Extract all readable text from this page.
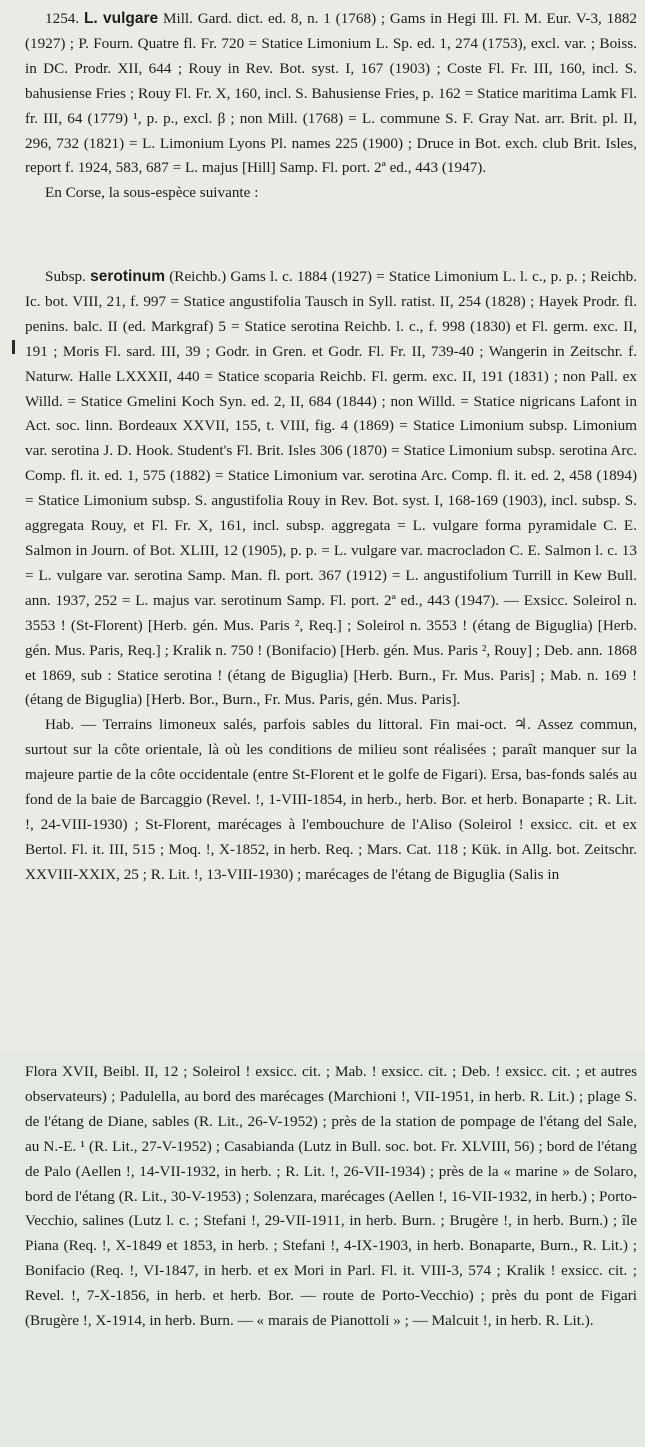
1254. L. vulgare Mill. Gard. dict. ed. 8, n. 1 (1768) ; Gams in Hegi Ill. Fl. M. Eur. V-3, 1882 (1927) ; P. Fourn. Quatre fl. Fr. 720 = Statice Limonium L. Sp. ed. 1, 274 (1753), excl. var. ; Boiss. in DC. Prodr. XII, 644 ; Rouy in Rev. Bot. syst. I, 167 (1903) ; Coste Fl. Fr. III, 160, incl. S. bahusiense Fries ; Rouy Fl. Fr. X, 160, incl. S. Bahusiense Fries, p. 162 = Statice maritima Lamk Fl. fr. III, 64 (1779) ¹, p. p., excl. β ; non Mill. (1768) = L. commune S. F. Gray Nat. arr. Brit. pl. II, 296, 732 (1821) = L. Limonium Lyons Pl. names 225 (1900) ; Druce in Bot. exch. club Brit. Isles, report f. 1924, 583, 687 = L. majus [Hill] Samp. Fl. port. 2ª ed., 443 (1947).

En Corse, la sous-espèce suivante :

Subsp. serotinum (Reichb.) Gams l. c. 1884 (1927) = Statice Limonium L. l. c., p. p. ; Reichb. Ic. bot. VIII, 21, f. 997 = Statice angustifolia Tausch in Syll. ratist. II, 254 (1828) ; Hayek Prodr. fl. penins. balc. II (ed. Markgraf) 5 = Statice serotina Reichb. l. c., f. 998 (1830) et Fl. germ. exc. II, 191 ; Moris Fl. sard. III, 39 ; Godr. in Gren. et Godr. Fl. Fr. II, 739-40 ; Wangerin in Zeitschr. f. Naturw. Halle LXXXII, 440 = Statice scoparia Reichb. Fl. germ. exc. II, 191 (1831) ; non Pall. ex Willd. = Statice Gmelini Koch Syn. ed. 2, II, 684 (1844) ; non Willd. = Statice nigricans Lafont in Act. soc. linn. Bordeaux XXVII, 155, t. VIII, fig. 4 (1869) = Statice Limonium subsp. Limonium var. serotina J. D. Hook. Student's Fl. Brit. Isles 306 (1870) = Statice Limonium subsp. serotina Arc. Comp. fl. it. ed. 1, 575 (1882) = Statice Limonium var. serotina Arc. Comp. fl. it. ed. 2, 458 (1894) = Statice Limonium subsp. S. angustifolia Rouy in Rev. Bot. syst. I, 168-169 (1903), incl. subsp. S. aggregata Rouy, et Fl. Fr. X, 161, incl. subsp. aggregata = L. vulgare forma pyramidale C. E. Salmon in Journ. of Bot. XLIII, 12 (1905), p. p. = L. vulgare var. macrocladon C. E. Salmon l. c. 13 = L. vulgare var. serotina Samp. Man. fl. port. 367 (1912) = L. angustifolium Turrill in Kew Bull. ann. 1937, 252 = L. majus var. serotinum Samp. Fl. port. 2ª ed., 443 (1947). — Exsicc. Soleirol n. 3553 ! (St-Florent) [Herb. gén. Mus. Paris ², Req.] ; Soleirol n. 3553 ! (étang de Biguglia) [Herb. gén. Mus. Paris, Req.] ; Kralik n. 750 ! (Bonifacio) [Herb. gén. Mus. Paris ², Rouy] ; Deb. ann. 1868 et 1869, sub : Statice serotina ! (étang de Biguglia) [Herb. Burn., Fr. Mus. Paris] ; Mab. n. 169 ! (étang de Biguglia) [Herb. Bor., Burn., Fr. Mus. Paris, gén. Mus. Paris].

Hab. — Terrains limoneux salés, parfois sables du littoral. Fin mai-oct. ♃. Assez commun, surtout sur la côte orientale, là où les conditions de milieu sont réalisées ; paraît manquer sur la majeure partie de la côte occidentale (entre St-Florent et le golfe de Figari). Ersa, bas-fonds salés au fond de la baie de Barcaggio (Revel. !, 1-VIII-1854, in herb., herb. Bor. et herb. Bonaparte ; R. Lit. !, 24-VIII-1930) ; St-Florent, marécages à l'embouchure de l'Aliso (Soleirol ! exsicc. cit. et ex Bertol. Fl. it. III, 515 ; Moq. !, X-1852, in herb. Req. ; Mars. Cat. 118 ; Kük. in Allg. bot. Zeitschr. XXVIII-XXIX, 25 ; R. Lit. !, 13-VIII-1930) ; marécages de l'étang de Biguglia (Salis in

Flora XVII, Beibl. II, 12 ; Soleirol ! exsicc. cit. ; Mab. ! exsicc. cit. ; Deb. ! exsicc. cit. ; et autres observateurs) ; Padulella, au bord des marécages (Marchioni !, VII-1951, in herb. R. Lit.) ; plage S. de l'étang de Diane, sables (R. Lit., 26-V-1952) ; près de la station de pompage de l'étang del Sale, au N.-E. ¹ (R. Lit., 27-V-1952) ; Casabianda (Lutz in Bull. soc. bot. Fr. XLVIII, 56) ; bord de l'étang de Palo (Aellen !, 14-VII-1932, in herb. ; R. Lit. !, 26-VII-1934) ; près de la « marine » de Solaro, bord de l'étang (R. Lit., 30-V-1953) ; Solenzara, marécages (Aellen !, 16-VII-1932, in herb.) ; Porto-Vecchio, salines (Lutz l. c. ; Stefani !, 29-VII-1911, in herb. Burn. ; Brugère !, in herb. Burn.) ; île Piana (Req. !, X-1849 et 1853, in herb. ; Stefani !, 4-IX-1903, in herb. Bonaparte, Burn., R. Lit.) ; Bonifacio (Req. !, VI-1847, in herb. et ex Mori in Parl. Fl. it. VIII-3, 574 ; Kralik ! exsicc. cit. ; Revel. !, 7-X-1856, in herb. et herb. Bor. — route de Porto-Vecchio) ; près du pont de Figari (Brugère !, X-1914, in herb. Burn. — « marais de Pianottoli » ; — Malcuit !, in herb. R. Lit.).
